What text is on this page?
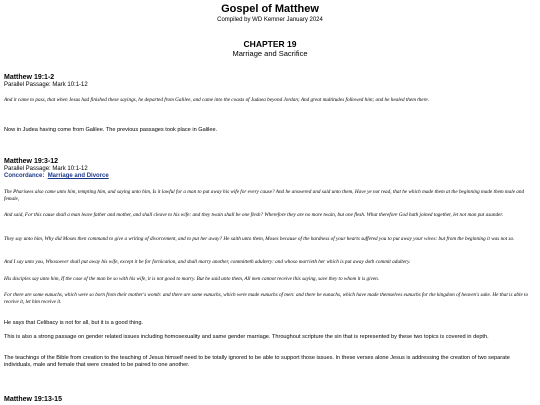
Gospel of Matthew
Compiled by WD Kemner January 2024
CHAPTER 19
Marriage and Sacrifice
Matthew 19:1-2
Parallel Passage: Mark 10:1-12
And it came to pass, that when Jesus had finished these sayings, he departed from Galilee, and came into the coasts of Judaea beyond Jordan; And great multitudes followed him; and he healed them there.
Now in Judea having come from Galilee. The previous passages took place in Galilee.
Matthew 19:3-12
Parallel Passage: Mark 10:1-12
Concordance: Marriage and Divorce
The Pharisees also came unto him, tempting him, and saying unto him, Is it lawful for a man to put away his wife for every cause? And he answered and said unto them, Have ye not read, that he which made them at the beginning made them male and female,
And said, For this cause shall a man leave father and mother, and shall cleave to his wife: and they twain shall be one flesh? Wherefore they are no more twain, but one flesh. What therefore God hath joined together, let not man put asunder.
They say unto him, Why did Moses then command to give a writing of divorcement, and to put her away? He saith unto them, Moses because of the hardness of your hearts suffered you to put away your wives: but from the beginning it was not so.
And I say unto you, Whosoever shall put away his wife, except it be for fornication, and shall marry another, committeth adultery: and whoso marrieth her which is put away doth commit adultery.
His disciples say unto him, If the case of the man be so with his wife, it is not good to marry. But he said unto them, All men cannot receive this saying, save they to whom it is given.
For there are some eunuchs, which were so born from their mother's womb: and there are some eunuchs, which were made eunuchs of men: and there be eunuchs, which have made themselves eunuchs for the kingdom of heaven's sake. He that is able to receive it, let him receive it.
He says that Celibacy is not for all, but it is a good thing.
This is also a strong passage on gender related issues including homosexuality and same gender marriage. Throughout scripture the sin that is represented by these two topics is covered in depth.
The teachings of the Bible from creation to the teaching of Jesus himself need to be totally ignored to be able to support those issues. In these verses alone Jesus is addressing the creation of two separate individuals, male and female that were created to be paired to one another.
Matthew 19:13-15
